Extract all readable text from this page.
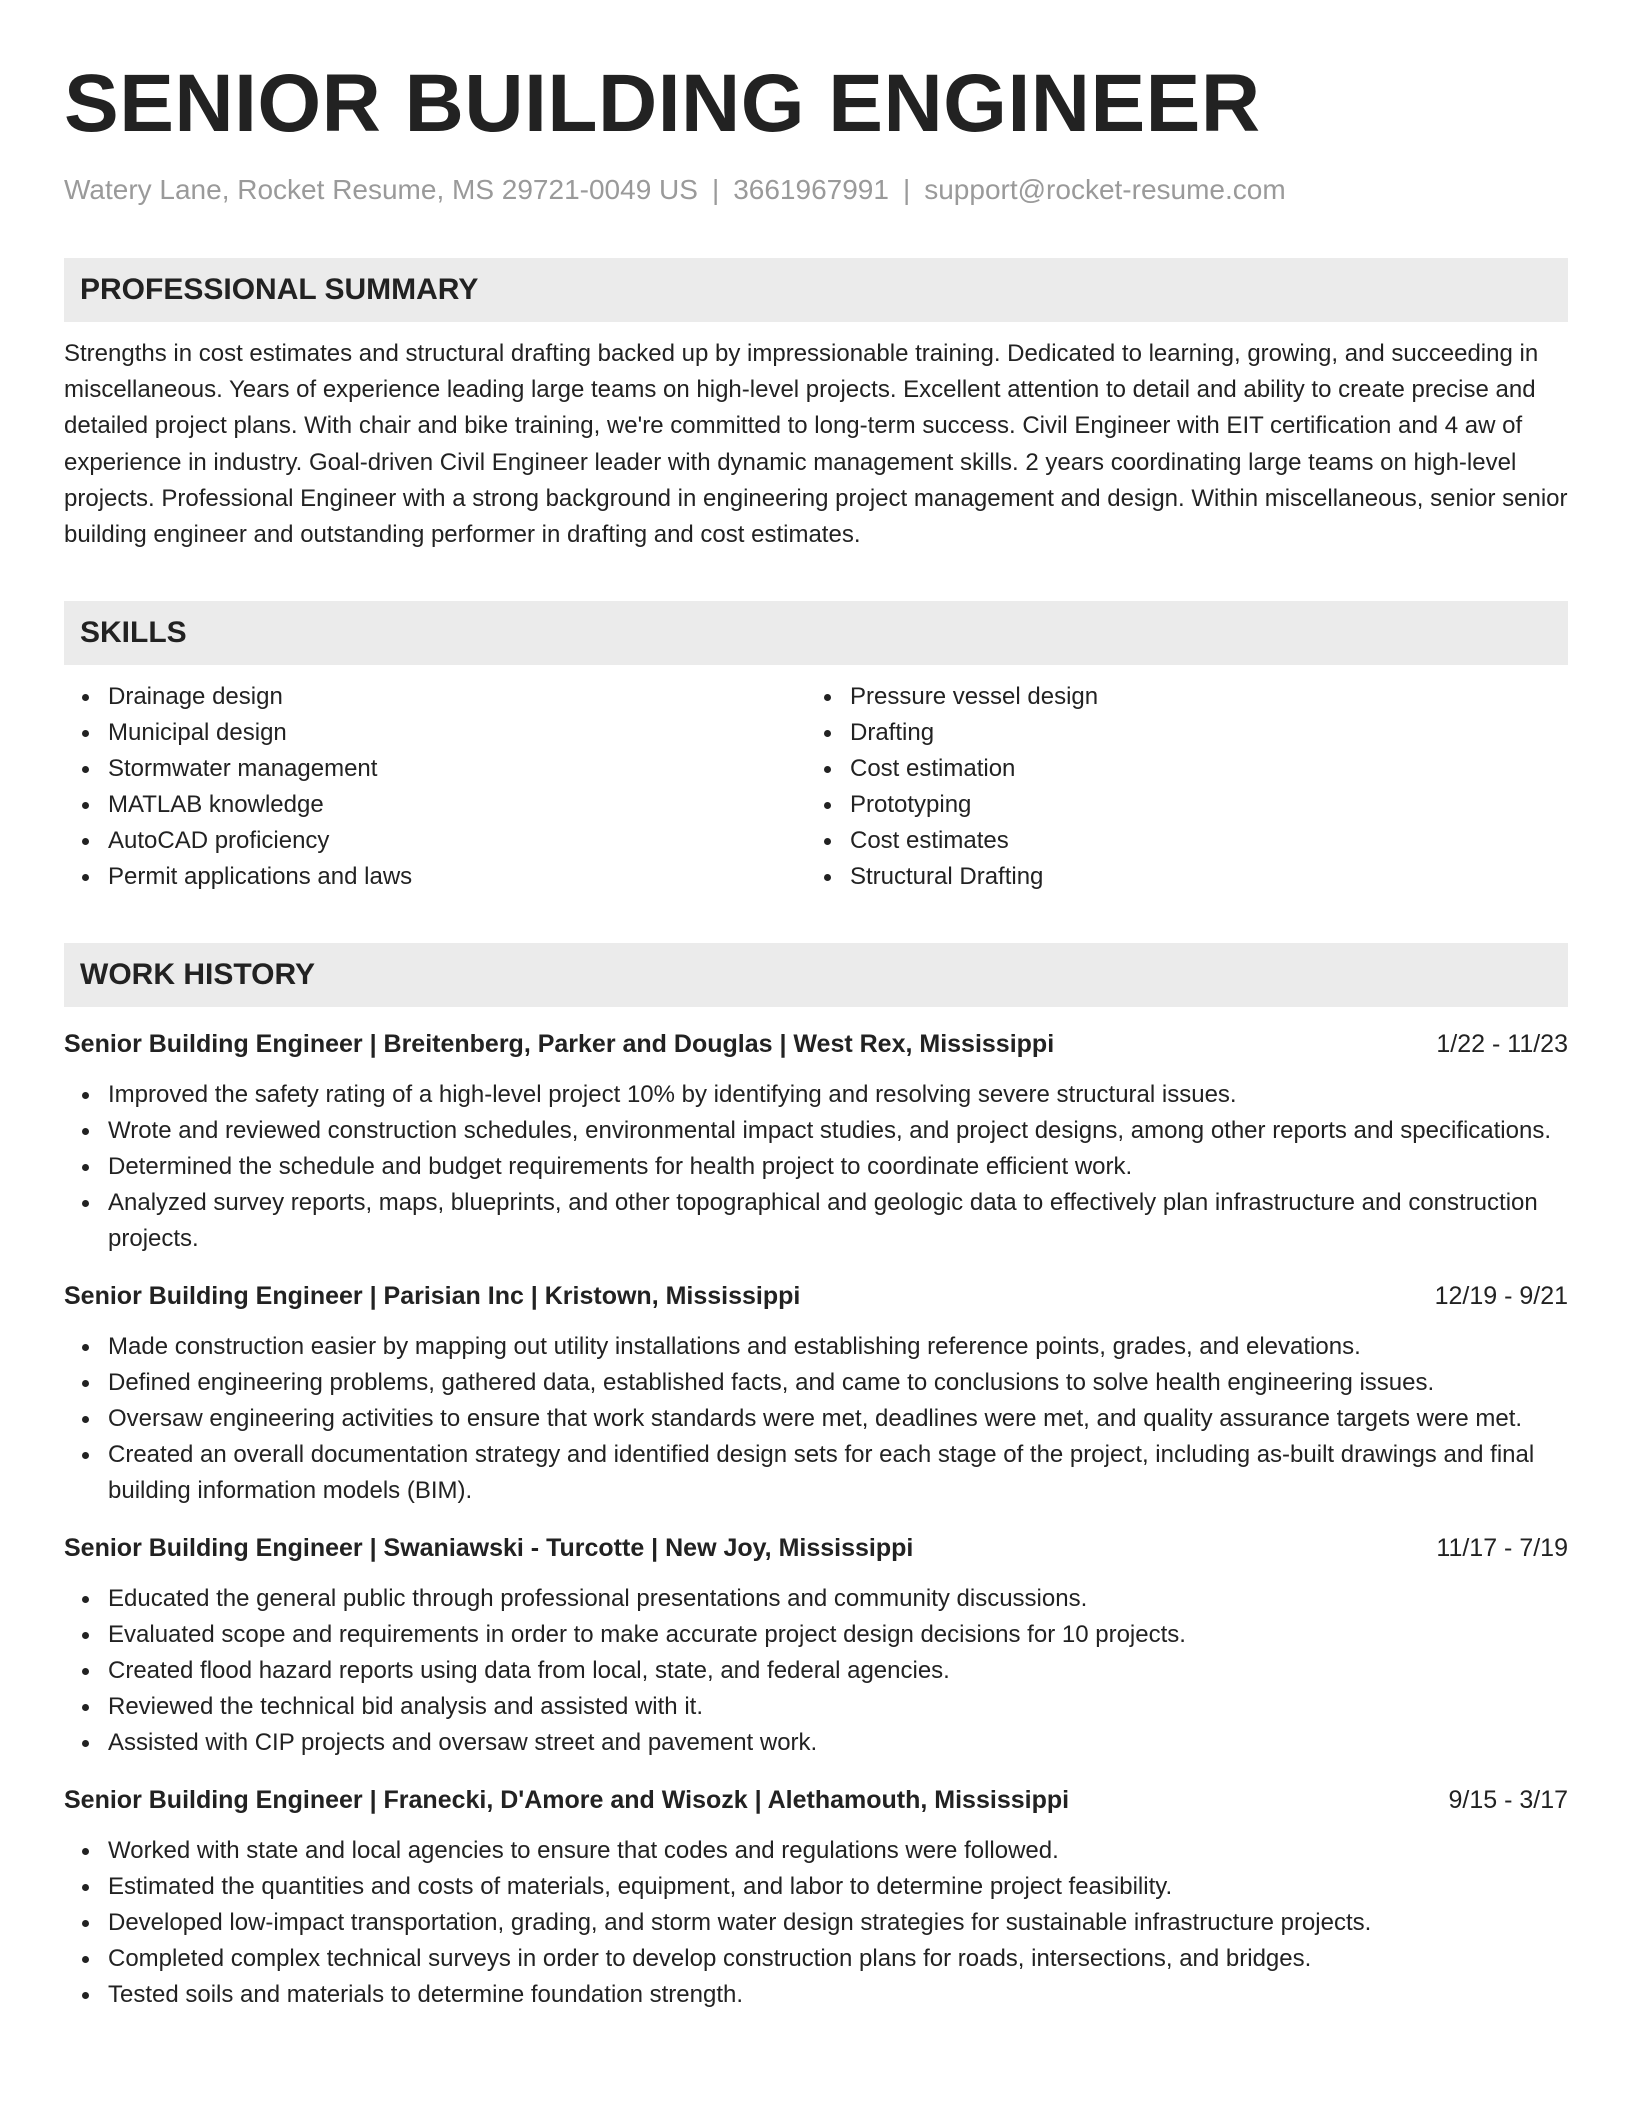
SENIOR BUILDING ENGINEER
Watery Lane, Rocket Resume, MS 29721-0049 US | 3661967991 | support@rocket-resume.com
PROFESSIONAL SUMMARY
Strengths in cost estimates and structural drafting backed up by impressionable training. Dedicated to learning, growing, and succeeding in miscellaneous. Years of experience leading large teams on high-level projects. Excellent attention to detail and ability to create precise and detailed project plans. With chair and bike training, we're committed to long-term success. Civil Engineer with EIT certification and 4 aw of experience in industry. Goal-driven Civil Engineer leader with dynamic management skills. 2 years coordinating large teams on high-level projects. Professional Engineer with a strong background in engineering project management and design. Within miscellaneous, senior senior building engineer and outstanding performer in drafting and cost estimates.
SKILLS
Drainage design
Municipal design
Stormwater management
MATLAB knowledge
AutoCAD proficiency
Permit applications and laws
Pressure vessel design
Drafting
Cost estimation
Prototyping
Cost estimates
Structural Drafting
WORK HISTORY
Senior Building Engineer | Breitenberg, Parker and Douglas | West Rex, Mississippi	1/22 - 11/23
Improved the safety rating of a high-level project 10% by identifying and resolving severe structural issues.
Wrote and reviewed construction schedules, environmental impact studies, and project designs, among other reports and specifications.
Determined the schedule and budget requirements for health project to coordinate efficient work.
Analyzed survey reports, maps, blueprints, and other topographical and geologic data to effectively plan infrastructure and construction projects.
Senior Building Engineer | Parisian Inc | Kristown, Mississippi	12/19 - 9/21
Made construction easier by mapping out utility installations and establishing reference points, grades, and elevations.
Defined engineering problems, gathered data, established facts, and came to conclusions to solve health engineering issues.
Oversaw engineering activities to ensure that work standards were met, deadlines were met, and quality assurance targets were met.
Created an overall documentation strategy and identified design sets for each stage of the project, including as-built drawings and final building information models (BIM).
Senior Building Engineer | Swaniawski - Turcotte | New Joy, Mississippi	11/17 - 7/19
Educated the general public through professional presentations and community discussions.
Evaluated scope and requirements in order to make accurate project design decisions for 10 projects.
Created flood hazard reports using data from local, state, and federal agencies.
Reviewed the technical bid analysis and assisted with it.
Assisted with CIP projects and oversaw street and pavement work.
Senior Building Engineer | Franecki, D'Amore and Wisozk | Alethamouth, Mississippi	9/15 - 3/17
Worked with state and local agencies to ensure that codes and regulations were followed.
Estimated the quantities and costs of materials, equipment, and labor to determine project feasibility.
Developed low-impact transportation, grading, and storm water design strategies for sustainable infrastructure projects.
Completed complex technical surveys in order to develop construction plans for roads, intersections, and bridges.
Tested soils and materials to determine foundation strength.
